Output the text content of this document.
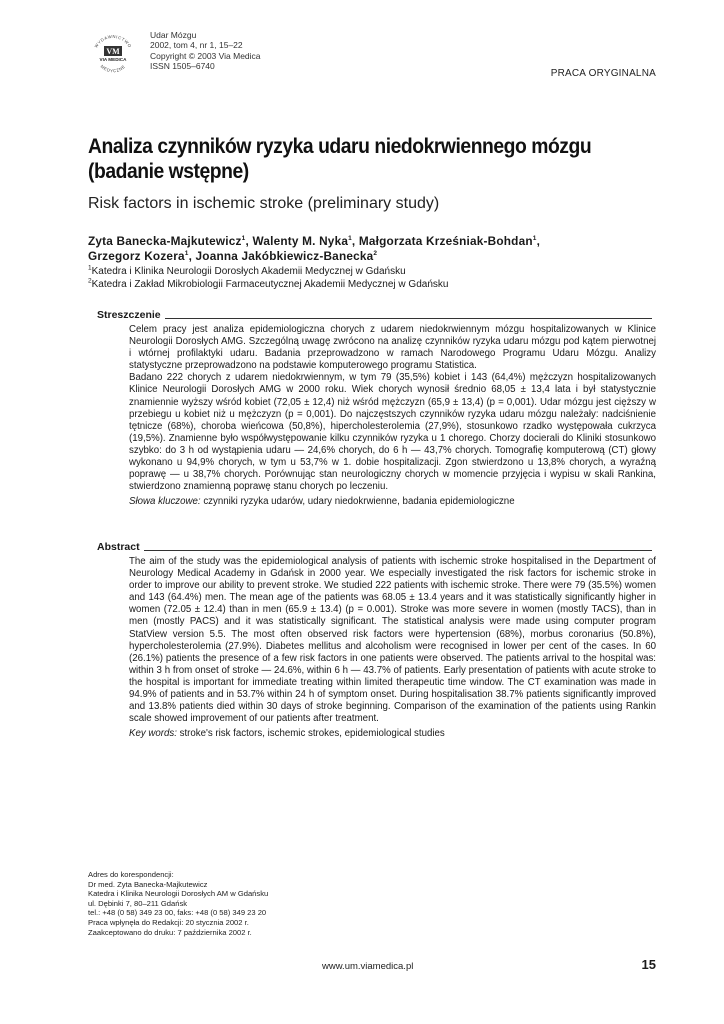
WYDAWNICTWO
VM
VIA MEDICA
MEDYCZNE
Udar Mózgu
2002, tom 4, nr 1, 15–22
Copyright © 2003 Via Medica
ISSN 1505–6740
PRACA ORYGINALNA
Analiza czynników ryzyka udaru niedokrwiennego mózgu (badanie wstępne)
Risk factors in ischemic stroke (preliminary study)
Zyta Banecka-Majkutewicz$^1$, Walenty M. Nyka$^1$, Małgorzata Krześniak-Bohdan$^1$,
Grzegorz Kozera$^1$, Joanna Jakóbkiewicz-Banecka$^2$
$^1$Katedra i Klinika Neurologii Dorosłych Akademii Medycznej w Gdańsku
$^2$Katedra i Zakład Mikrobiologii Farmaceutycznej Akademii Medycznej w Gdańsku
Streszczenie

Celem pracy jest analiza epidemiologiczna chorych z udarem niedokrwiennym mózgu hospitalizowanych w Klinice Neurologii Dorosłych AMG. Szczególną uwagę zwrócono na analizę czynników ryzyka udaru mózgu pod kątem pierwotnej i wtórnej profilaktyki udaru. Badania przeprowadzono w ramach Narodowego Programu Udaru Mózgu. Analizy statystyczne przeprowadzono na podstawie komputerowego programu Statistica.

Badano 222 chorych z udarem niedokrwiennym, w tym 79 (35,5%) kobiet i 143 (64,4%) mężczyzn hospitalizowanych Klinice Neurologii Dorosłych AMG w 2000 roku. Wiek chorych wynosił średnio 68,05 ± 13,4 lata i był statystycznie znamiennie wyższy wśród kobiet (72,05 ± 12,4) niż wśród mężczyzn (65,9 ± 13,4) (p = 0,001). Udar mózgu jest cięższy w przebiegu u kobiet niż u mężczyzn (p = 0,001). Do najczęstszych czynników ryzyka udaru mózgu należały: nadciśnienie tętnicze (68%), choroba wieńcowa (50,8%), hipercholesterolemia (27,9%), stosunkowo rzadko występowała cukrzyca (19,5%). Znamienne było współwystępowanie kilku czynników ryzyka u 1 chorego. Chorzy docierali do Kliniki stosunkowo szybko: do 3 h od wystąpienia udaru — 24,6% chorych, do 6 h — 43,7% chorych. Tomografię komputerową (CT) głowy wykonano u 94,9% chorych, w tym u 53,7% w 1. dobie hospitalizacji. Zgon stwierdzono u 13,8% chorych, a wyraźną poprawę — u 38,7% chorych. Porównując stan neurologiczny chorych w momencie przyjęcia i wypisu w skali Rankina, stwierdzono znamienną poprawę stanu chorych po leczeniu.

Słowa kluczowe: czynniki ryzyka udarów, udary niedokrwienne, badania epidemiologiczne

Abstract

The aim of the study was the epidemiological analysis of patients with ischemic stroke hospitalised in the Department of Neurology Medical Academy in Gdańsk in 2000 year. We especially investigated the risk factors for ischemic stroke in order to improve our ability to prevent stroke. We studied 222 patients with ischemic stroke. There were 79 (35.5%) women and 143 (64.4%) men. The mean age of the patients was 68.05 ± 13.4 years and it was statistically significantly higher in women (72.05 ± 12.4) than in men (65.9 ± 13.4) (p = 0.001). Stroke was more severe in women (mostly TACS), than in men (mostly PACS) and it was statistically significant. The statistical analysis were made using computer program StatView version 5.5. The most often observed risk factors were hypertension (68%), morbus coronarius (50.8%), hypercholesterolemia (27.9%). Diabetes mellitus and alcoholism were recognised in lower per cent of the cases. In 60 (26.1%) patients the presence of a few risk factors in one patients were observed. The patients arrival to the hospital was: within 3 h from onset of stroke — 24.6%, within 6 h — 43.7% of patients. Early presentation of patients with acute stroke to the hospital is important for immediate treating within limited therapeutic time window. The CT examination was made in 94.9% of patients and in 53.7% within 24 h of symptom onset. During hospitalisation 38.7% patients significantly improved and 13.8% patients died within 30 days of stroke beginning. Comparison of the examination of the patients using Rankin scale showed improvement of our patients after treatment.

Key words: stroke's risk factors, ischemic strokes, epidemiological studies

Adres do korespondencji:
Dr med. Zyta Banecka-Majkutewicz
Katedra i Klinika Neurologii Dorosłych AM w Gdańsku
ul. Dębinki 7, 80–211 Gdańsk
tel.: +48 (0 58) 349 23 00, faks: +48 (0 58) 349 23 20
Praca wpłynęła do Redakcji: 20 stycznia 2002 r.
Zaakceptowano do druku: 7 października 2002 r.
www.um.viamedica.pl	15
